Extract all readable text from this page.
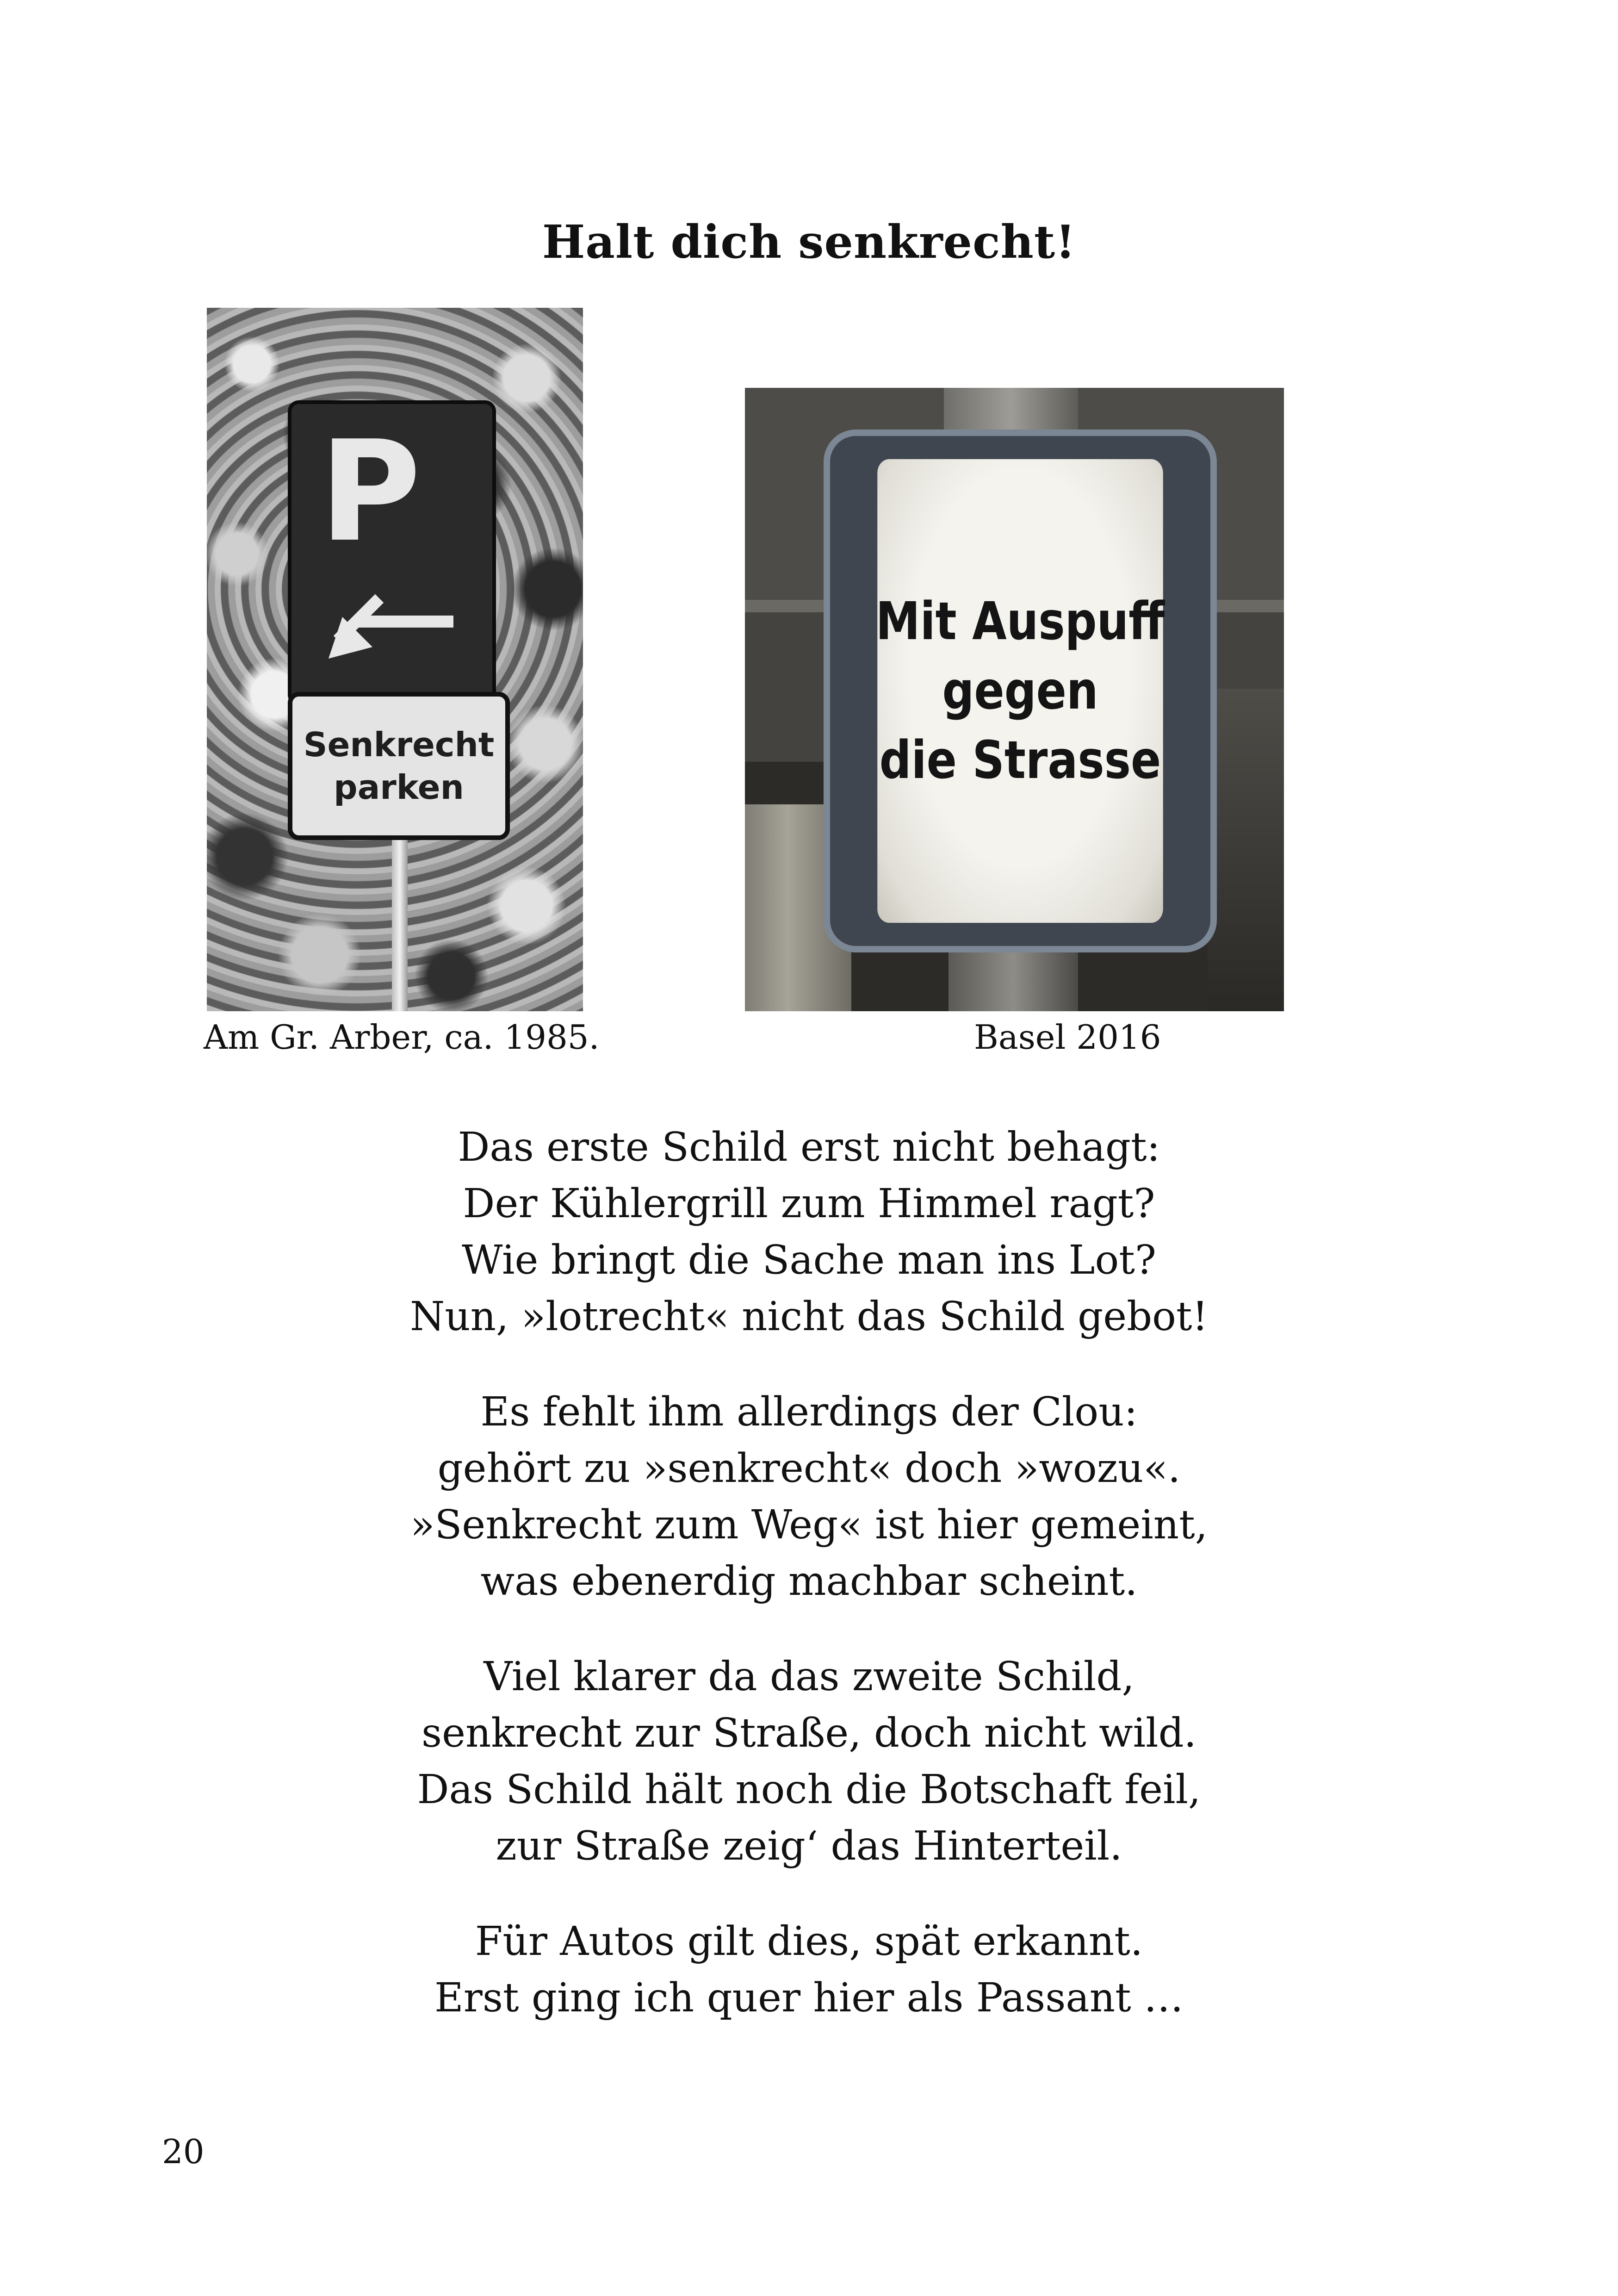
Halt dich senkrecht!
P
Senkrecht
parken
Mit Auspuff
gegen
die Strasse
Am Gr. Arber, ca. 1985.	Basel 2016
Das erste Schild erst nicht behagt:
Der Kühlergrill zum Himmel ragt?
Wie bringt die Sache man ins Lot?
Nun, »lotrecht« nicht das Schild gebot!
Es fehlt ihm allerdings der Clou:
gehört zu »senkrecht« doch »wozu«.
»Senkrecht zum Weg« ist hier gemeint,
was ebenerdig machbar scheint.
Viel klarer da das zweite Schild,
senkrecht zur Straße, doch nicht wild.
Das Schild hält noch die Botschaft feil,
zur Straße zeig‘ das Hinterteil.
Für Autos gilt dies, spät erkannt.
Erst ging ich quer hier als Passant …
20
